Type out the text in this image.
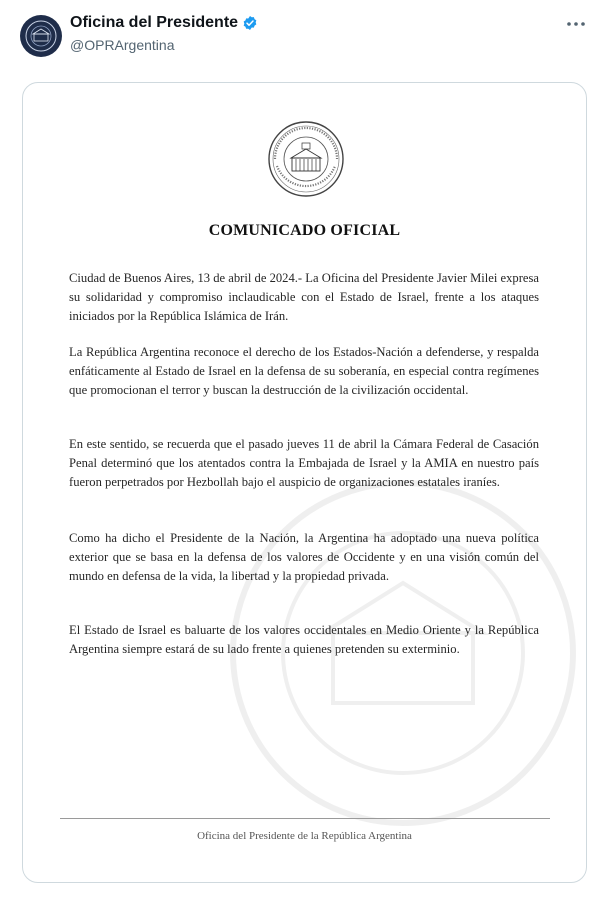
Oficina del Presidente
@OPRArgentina
COMUNICADO OFICIAL
Ciudad de Buenos Aires, 13 de abril de 2024.- La Oficina del Presidente Javier Milei expresa su solidaridad y compromiso inclaudicable con el Estado de Israel, frente a los ataques iniciados por la República Islámica de Irán.
La República Argentina reconoce el derecho de los Estados-Nación a defenderse, y respalda enfáticamente al Estado de Israel en la defensa de su soberanía, en especial contra regímenes que promocionan el terror y buscan la destrucción de la civilización occidental.
En este sentido, se recuerda que el pasado jueves 11 de abril la Cámara Federal de Casación Penal determinó que los atentados contra la Embajada de Israel y la AMIA en nuestro país fueron perpetrados por Hezbollah bajo el auspicio de organizaciones estatales iraníes.
Como ha dicho el Presidente de la Nación, la Argentina ha adoptado una nueva política exterior que se basa en la defensa de los valores de Occidente y en una visión común del mundo en defensa de la vida, la libertad y la propiedad privada.
El Estado de Israel es baluarte de los valores occidentales en Medio Oriente y la República Argentina siempre estará de su lado frente a quienes pretenden su exterminio.
Oficina del Presidente de la República Argentina
